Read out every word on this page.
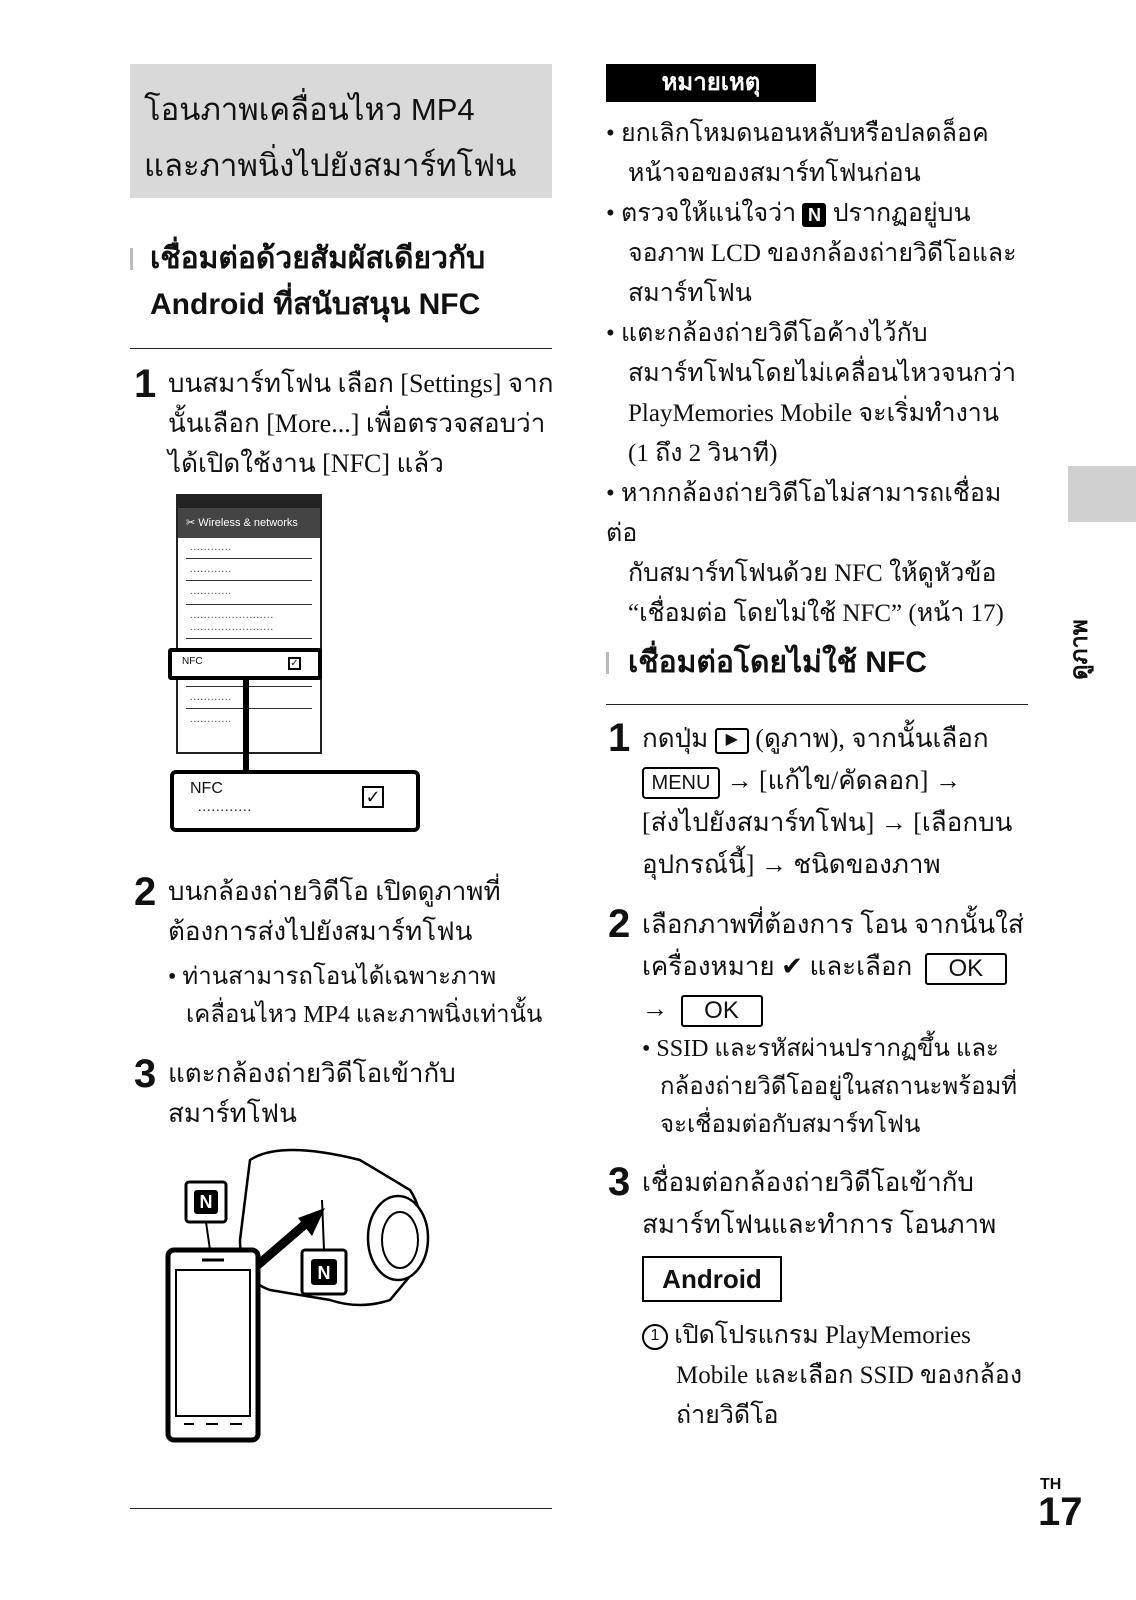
โอนภาพเคลื่อนไหว MP4
และภาพนิ่งไปยังสมาร์ทโฟน
เชื่อมต่อด้วยสัมผัสเดียวกับ
Android ที่สนับสนุน NFC
1 บนสมาร์ทโฟน เลือก [Settings] จาก
นั้นเลือก [More...] เพื่อตรวจสอบว่า
ได้เปิดใช้งาน [NFC] แล้ว
✂ Wireless & networks
............
............
............
........................
........................
............
............
NFC	✓
NFC
............
✓
2 บนกล้องถ่ายวิดีโอ เปิดดูภาพที่
ต้องการส่งไปยังสมาร์ทโฟน
• ท่านสามารถโอนได้เฉพาะภาพ
เคลื่อนไหว MP4 และภาพนิ่งเท่านั้น
3 แตะกล้องถ่ายวิดีโอเข้ากับ
สมาร์ทโฟน
N
N
หมายเหตุ
• ยกเลิกโหมดนอนหลับหรือปลดล็อค
หน้าจอของสมาร์ทโฟนก่อน
• ตรวจให้แน่ใจว่า N ปรากฏอยู่บน
จอภาพ LCD ของกล้องถ่ายวิดีโอและ
สมาร์ทโฟน
• แตะกล้องถ่ายวิดีโอค้างไว้กับ
สมาร์ทโฟนโดยไม่เคลื่อนไหวจนกว่า
PlayMemories Mobile จะเริ่มทำงาน
(1 ถึง 2 วินาที)
• หากกล้องถ่ายวิดีโอไม่สามารถเชื่อมต่อ
กับสมาร์ทโฟนด้วย NFC ให้ดูหัวข้อ
“เชื่อมต่อ โดยไม่ใช้ NFC” (หน้า 17)
เชื่อมต่อโดยไม่ใช้ NFC
1 กดปุ่ม ▶ (ดูภาพ), จากนั้นเลือก
MENU → [แก้ไข/คัดลอก] →
[ส่งไปยังสมาร์ทโฟน] → [เลือกบน
อุปกรณ์นี้] → ชนิดของภาพ
2 เลือกภาพที่ต้องการ โอน จากนั้นใส่
เครื่องหมาย ✔ และเลือก OK
→ OK
• SSID และรหัสผ่านปรากฏขึ้น และ
กล้องถ่ายวิดีโออยู่ในสถานะพร้อมที่
จะเชื่อมต่อกับสมาร์ทโฟน
3 เชื่อมต่อกล้องถ่ายวิดีโอเข้ากับ
สมาร์ทโฟนและทำการ โอนภาพ
Android
1 เปิดโปรแกรม PlayMemories
Mobile และเลือก SSID ของกล้อง
ถ่ายวิดีโอ
ดูภาพ
TH
17
